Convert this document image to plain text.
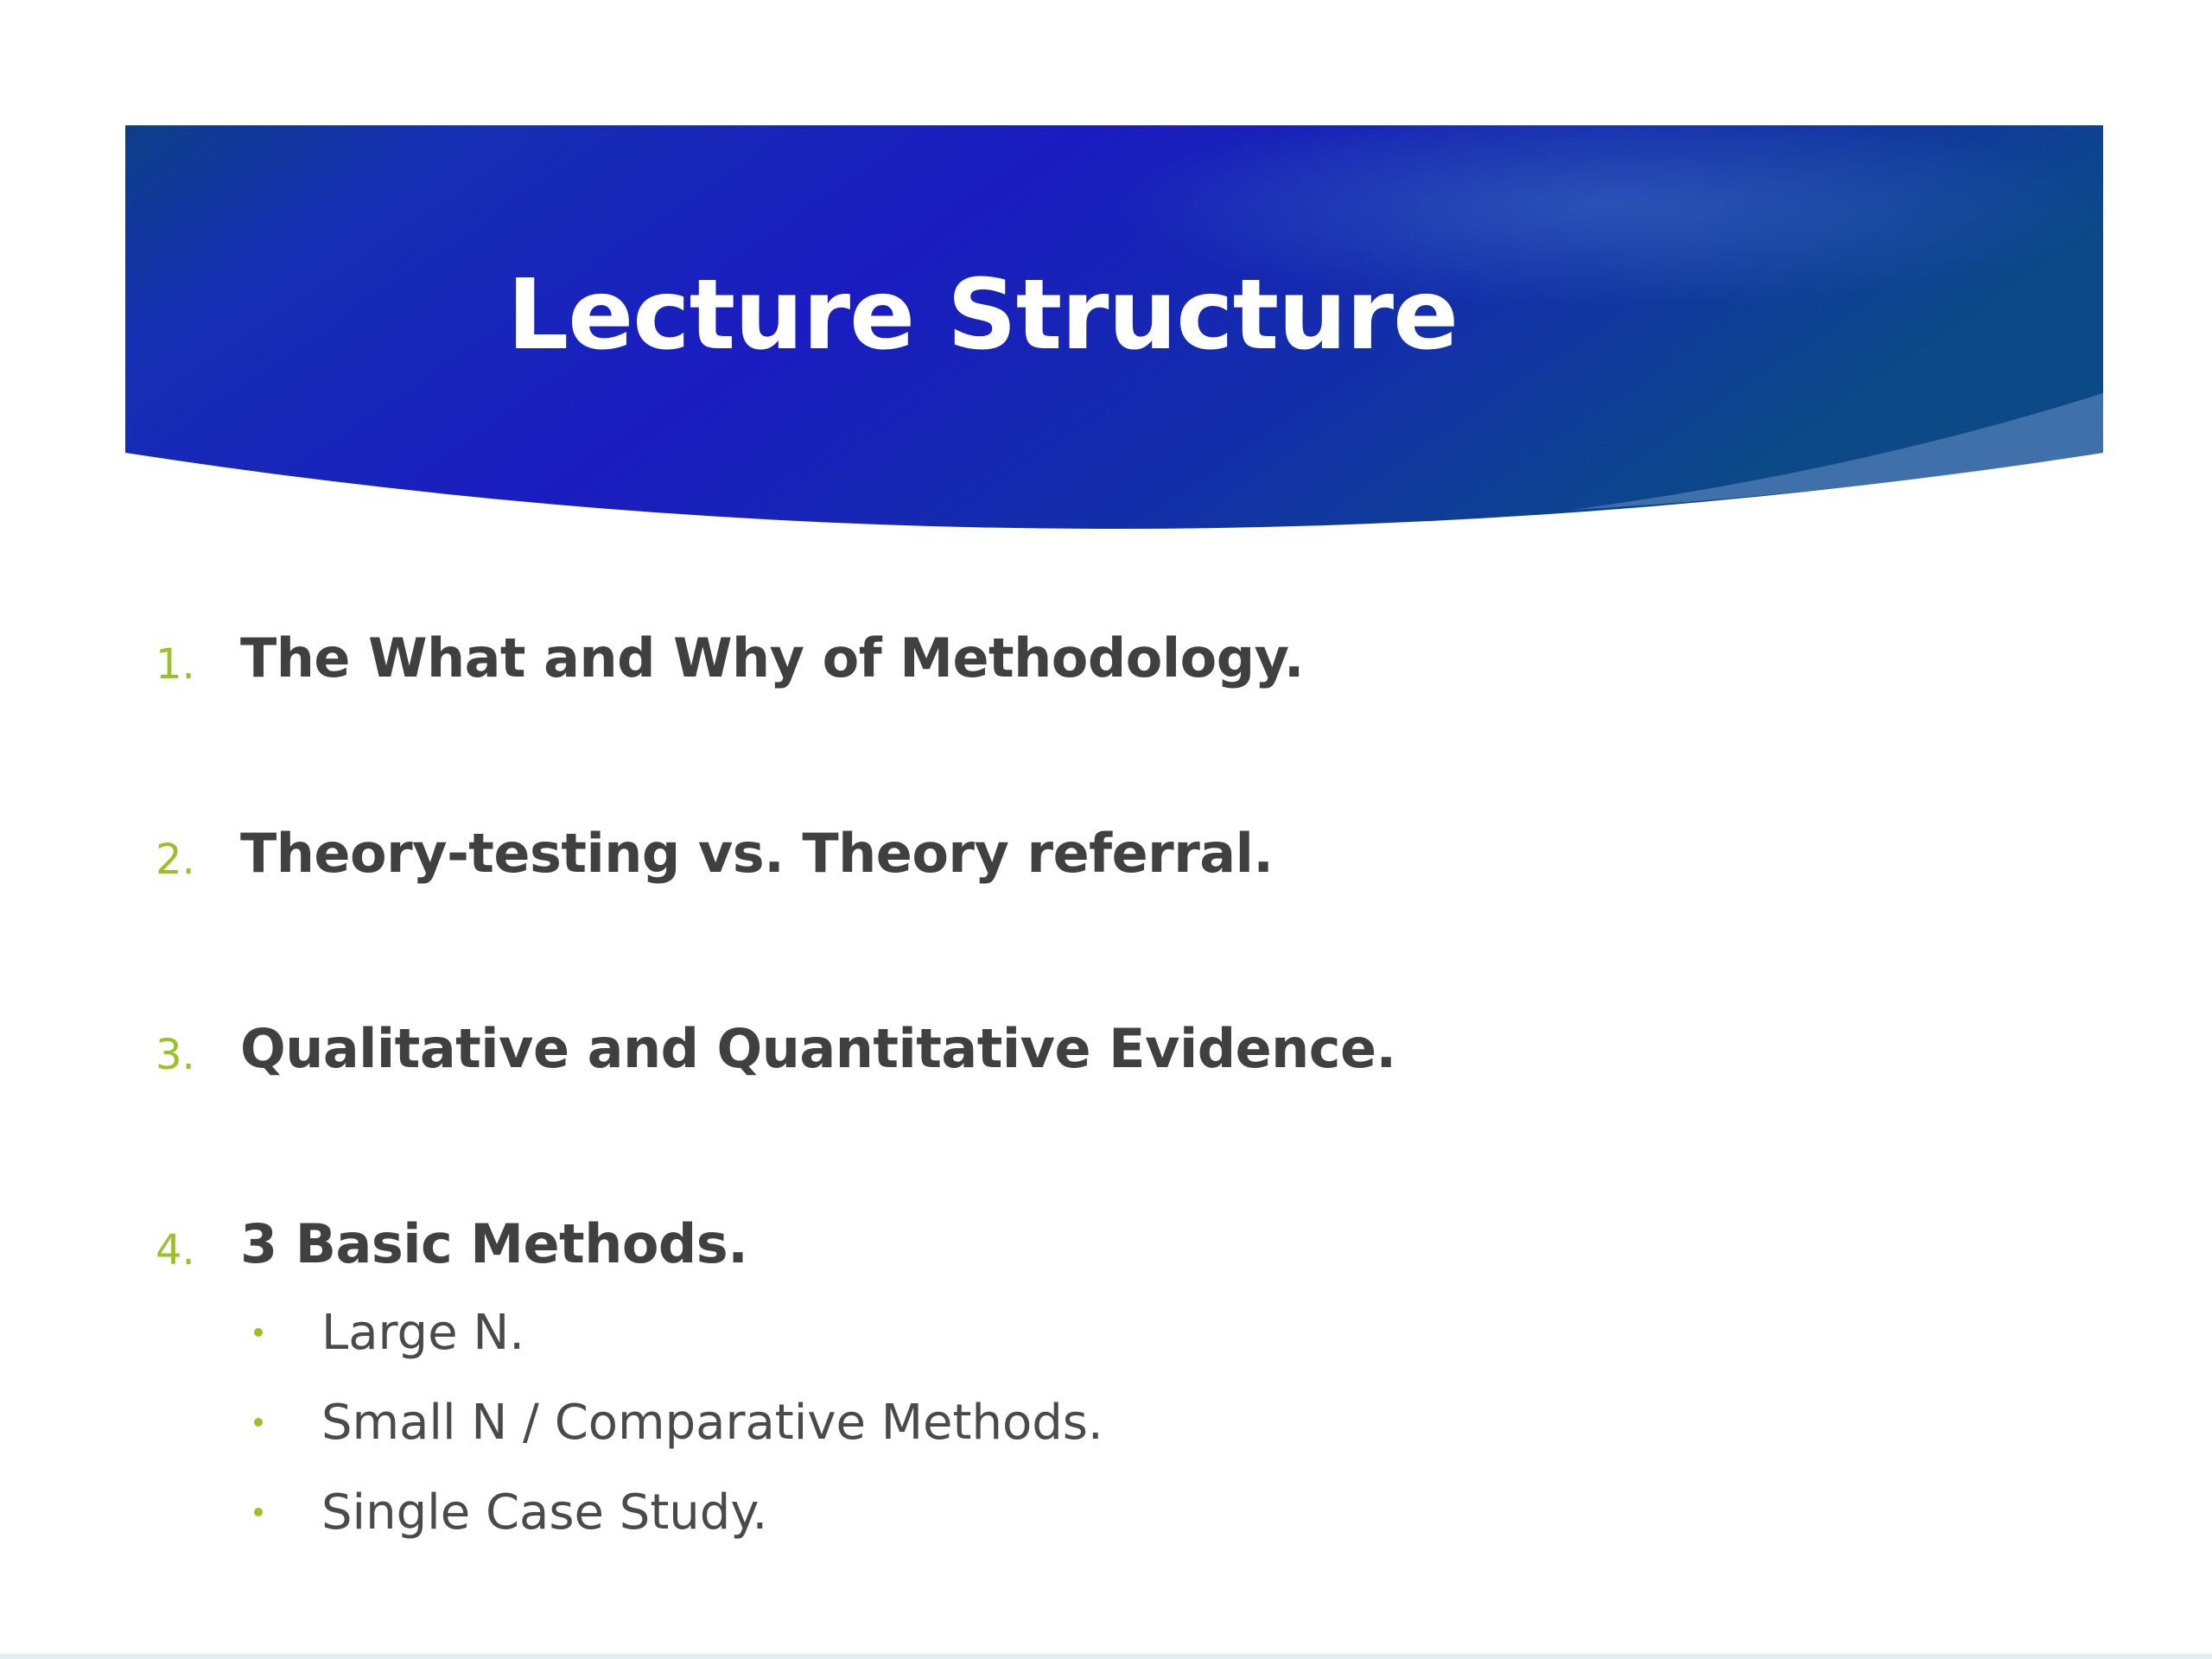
Lecture Structure
1. The What and Why of Methodology.
2. Theory-testing vs. Theory referral.
3. Qualitative and Quantitative Evidence.
4. 3 Basic Methods.
Large N.
Small N / Comparative Methods.
Single Case Study.
